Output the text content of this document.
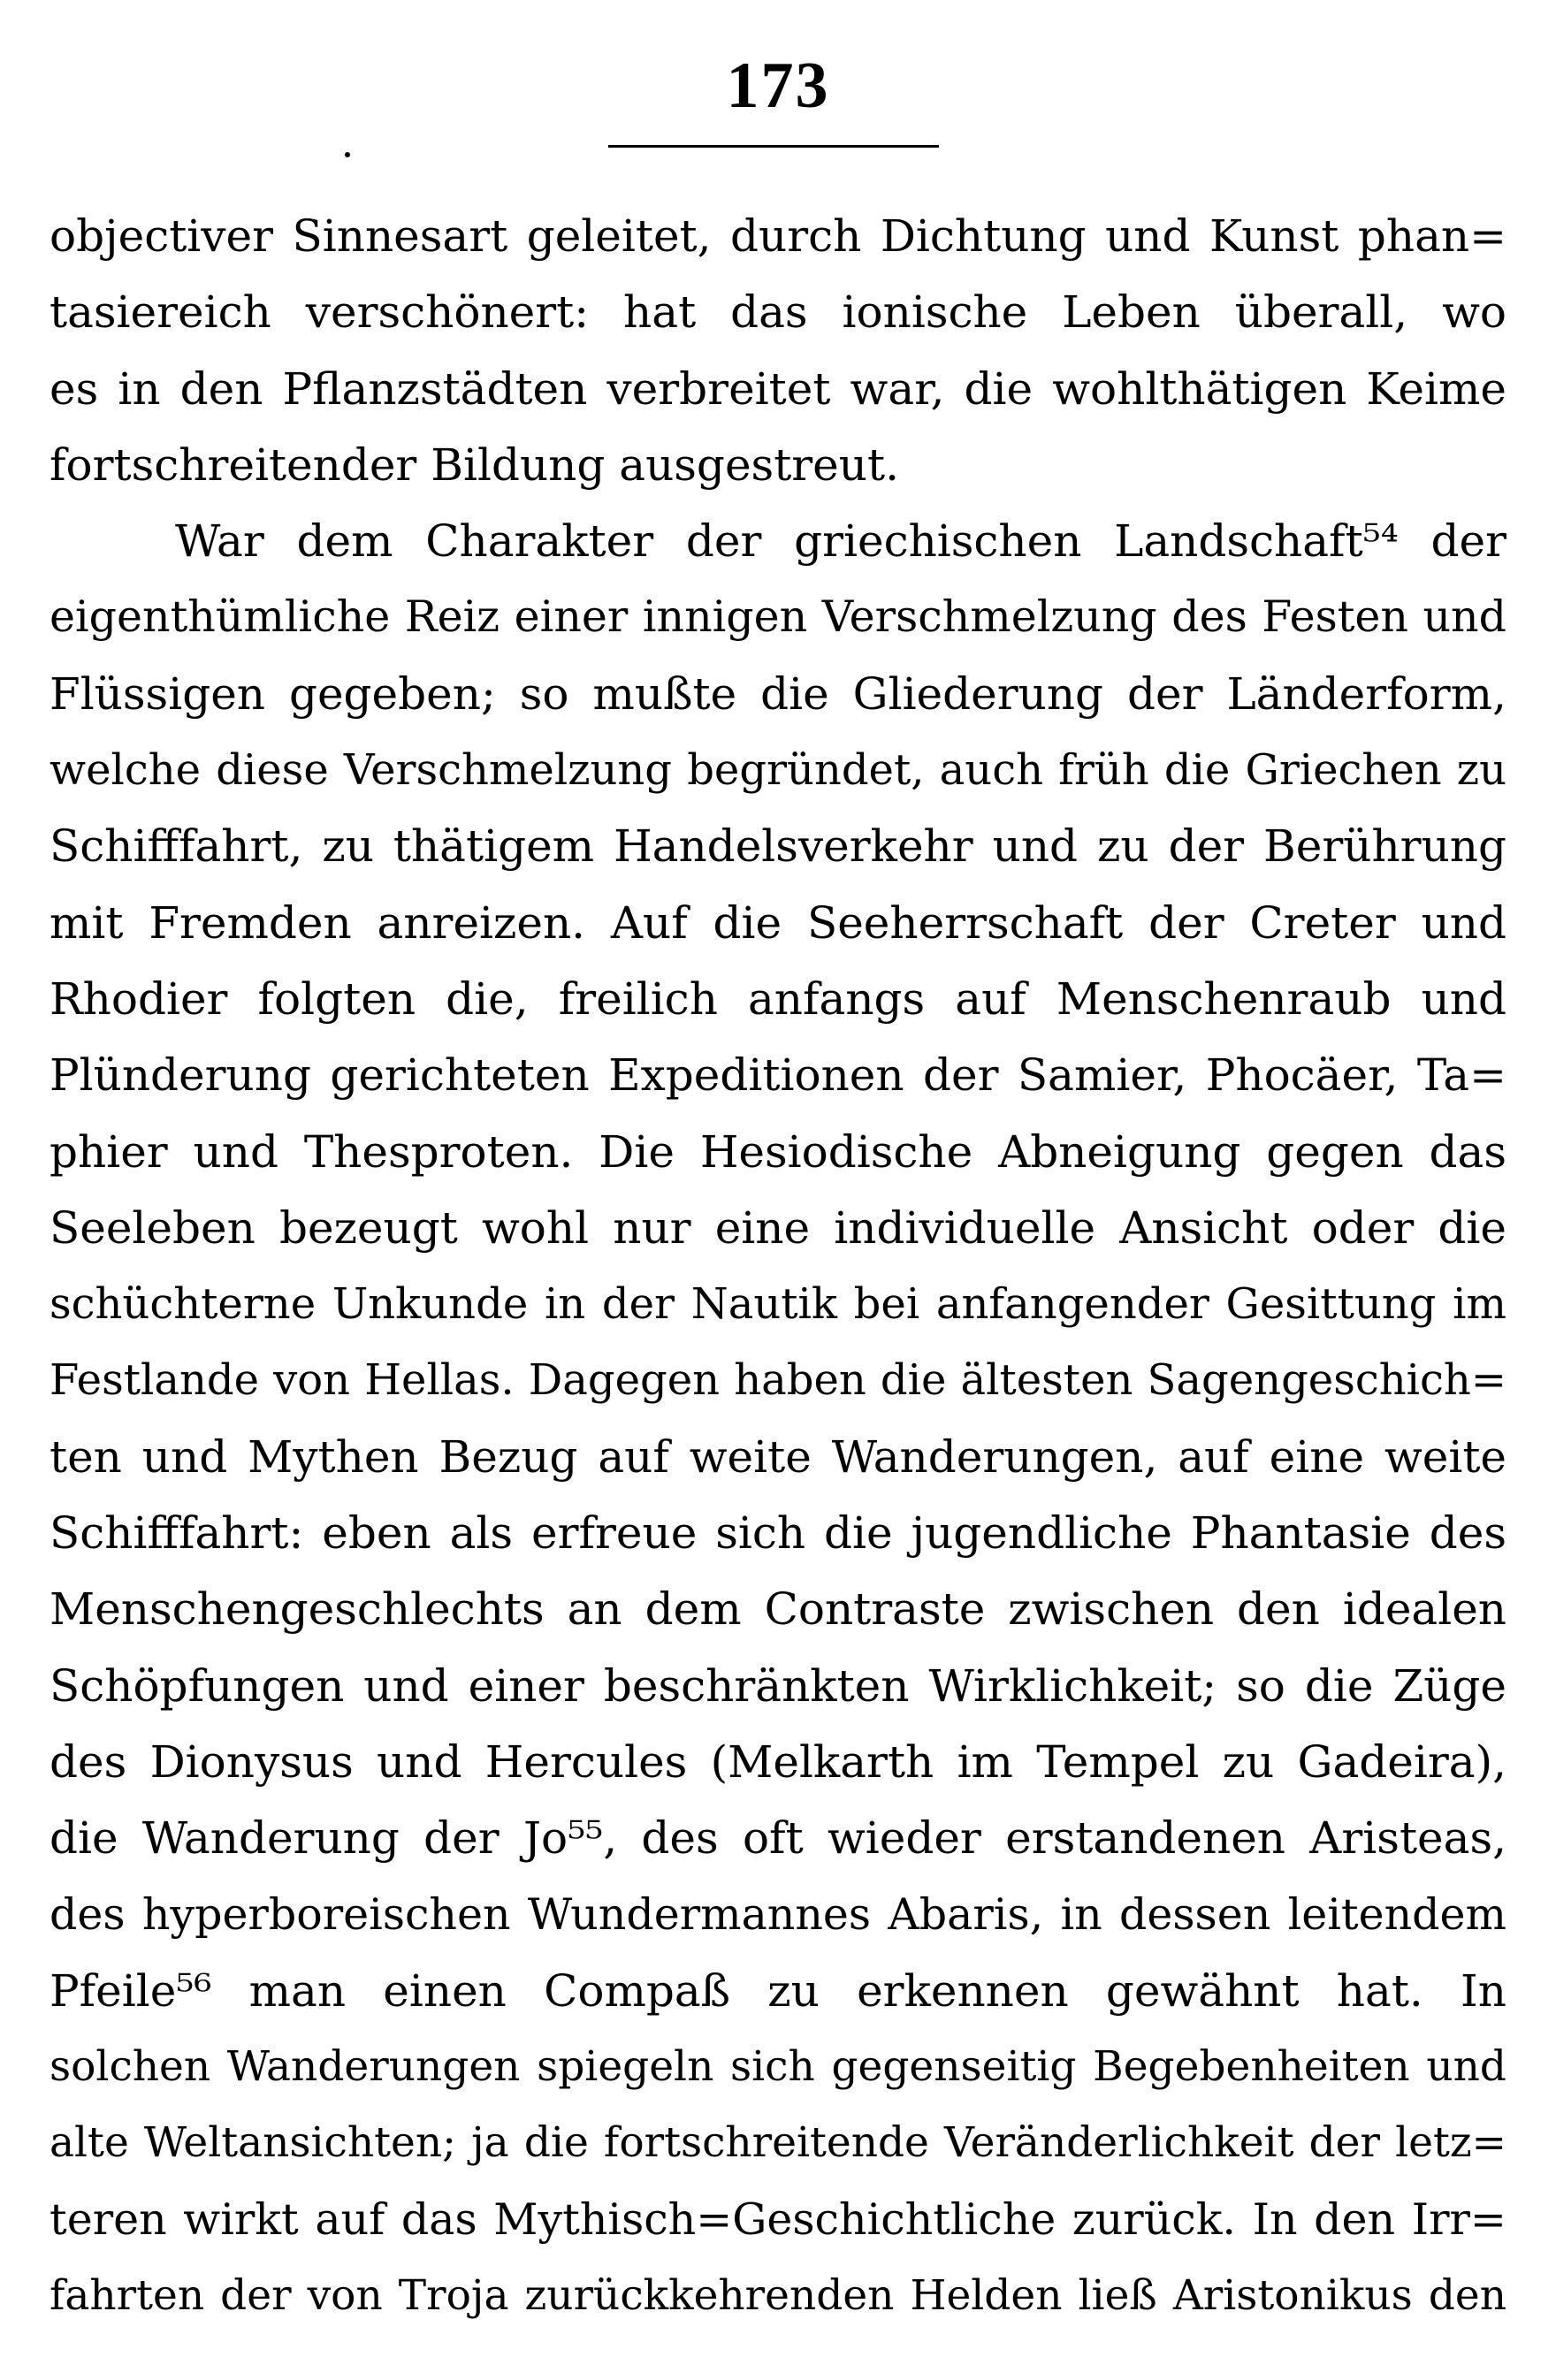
173
objectiver Sinnesart geleitet, durch Dichtung und Kunst phan=
tasiereich verschönert: hat das ionische Leben überall, wo
es in den Pflanzstädten verbreitet war, die wohlthätigen Keime
fortschreitender Bildung ausgestreut.
War dem Charakter der griechischen Landschaft⁵⁴ der
eigenthümliche Reiz einer innigen Verschmelzung des Festen und
Flüssigen gegeben; so mußte die Gliederung der Länderform,
welche diese Verschmelzung begründet, auch früh die Griechen zu
Schifffahrt, zu thätigem Handelsverkehr und zu der Berührung
mit Fremden anreizen. Auf die Seeherrschaft der Creter und
Rhodier folgten die, freilich anfangs auf Menschenraub und
Plünderung gerichteten Expeditionen der Samier, Phocäer, Ta=
phier und Thesproten. Die Hesiodische Abneigung gegen das
Seeleben bezeugt wohl nur eine individuelle Ansicht oder die
schüchterne Unkunde in der Nautik bei anfangender Gesittung im
Festlande von Hellas. Dagegen haben die ältesten Sagengeschich=
ten und Mythen Bezug auf weite Wanderungen, auf eine weite
Schifffahrt: eben als erfreue sich die jugendliche Phantasie des
Menschengeschlechts an dem Contraste zwischen den idealen
Schöpfungen und einer beschränkten Wirklichkeit; so die Züge
des Dionysus und Hercules (Melkarth im Tempel zu Gadeira),
die Wanderung der Jo⁵⁵, des oft wieder erstandenen Aristeas,
des hyperboreischen Wundermannes Abaris, in dessen leitendem
Pfeile⁵⁶ man einen Compaß zu erkennen gewähnt hat. In
solchen Wanderungen spiegeln sich gegenseitig Begebenheiten und
alte Weltansichten; ja die fortschreitende Veränderlichkeit der letz=
teren wirkt auf das Mythisch=Geschichtliche zurück. In den Irr=
fahrten der von Troja zurückkehrenden Helden ließ Aristonikus den
